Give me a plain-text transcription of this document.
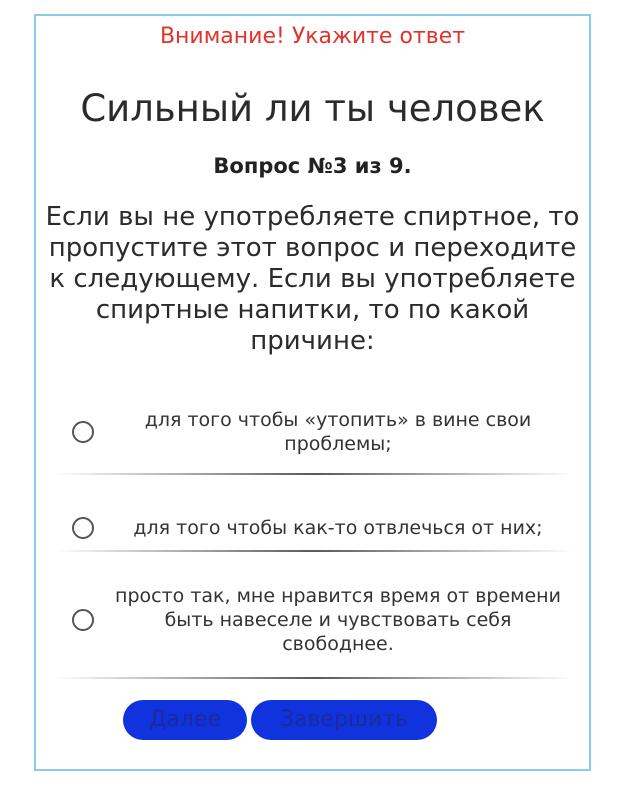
Внимание! Укажите ответ
Сильный ли ты человек
Вопрос №3 из 9.
Если вы не употребляете спиртное, то пропустите этот вопрос и переходите к следующему. Если вы употребляете спиртные напитки, то по какой причине:
для того чтобы «утопить» в вине свои проблемы;
для того чтобы как-то отвлечься от них;
просто так, мне нравится время от времени быть навеселе и чувствовать себя свободнее.
Далее	Завершить
